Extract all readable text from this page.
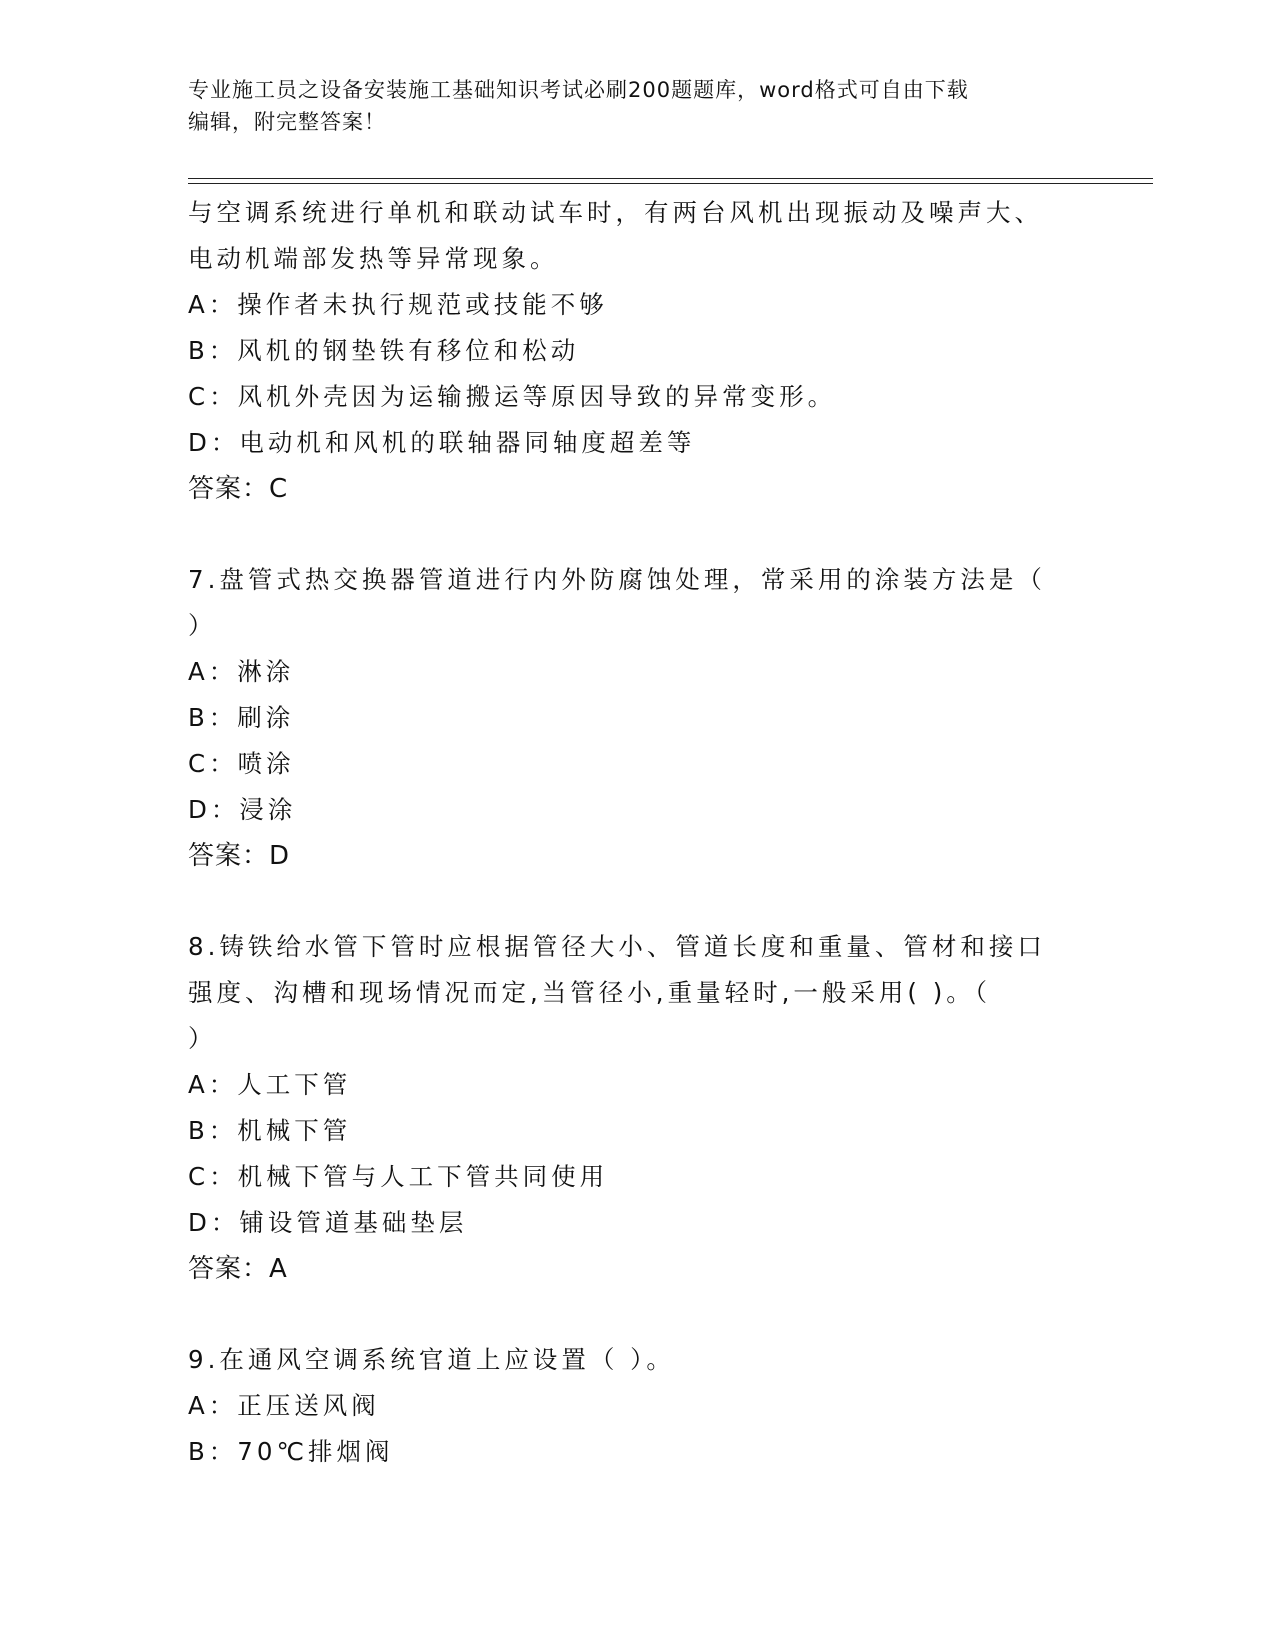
专业施工员之设备安装施工基础知识考试必刷200题题库，word格式可自由下载
编辑，附完整答案！
与空调系统进行单机和联动试车时，有两台风机出现振动及噪声大、
电动机端部发热等异常现象。
A：操作者未执行规范或技能不够
B：风机的钢垫铁有移位和松动
C：风机外壳因为运输搬运等原因导致的异常变形。
D：电动机和风机的联轴器同轴度超差等
答案：C
7.盘管式热交换器管道进行内外防腐蚀处理，常采用的涂装方法是（
）
A：淋涂
B：刷涂
C：喷涂
D：浸涂
答案：D
8.铸铁给水管下管时应根据管径大小、管道长度和重量、管材和接口
强度、沟槽和现场情况而定,当管径小,重量轻时,一般采用( )。（
）
A：人工下管
B：机械下管
C：机械下管与人工下管共同使用
D：铺设管道基础垫层
答案：A
9.在通风空调系统官道上应设置（ ）。
A：正压送风阀
B：70℃排烟阀
